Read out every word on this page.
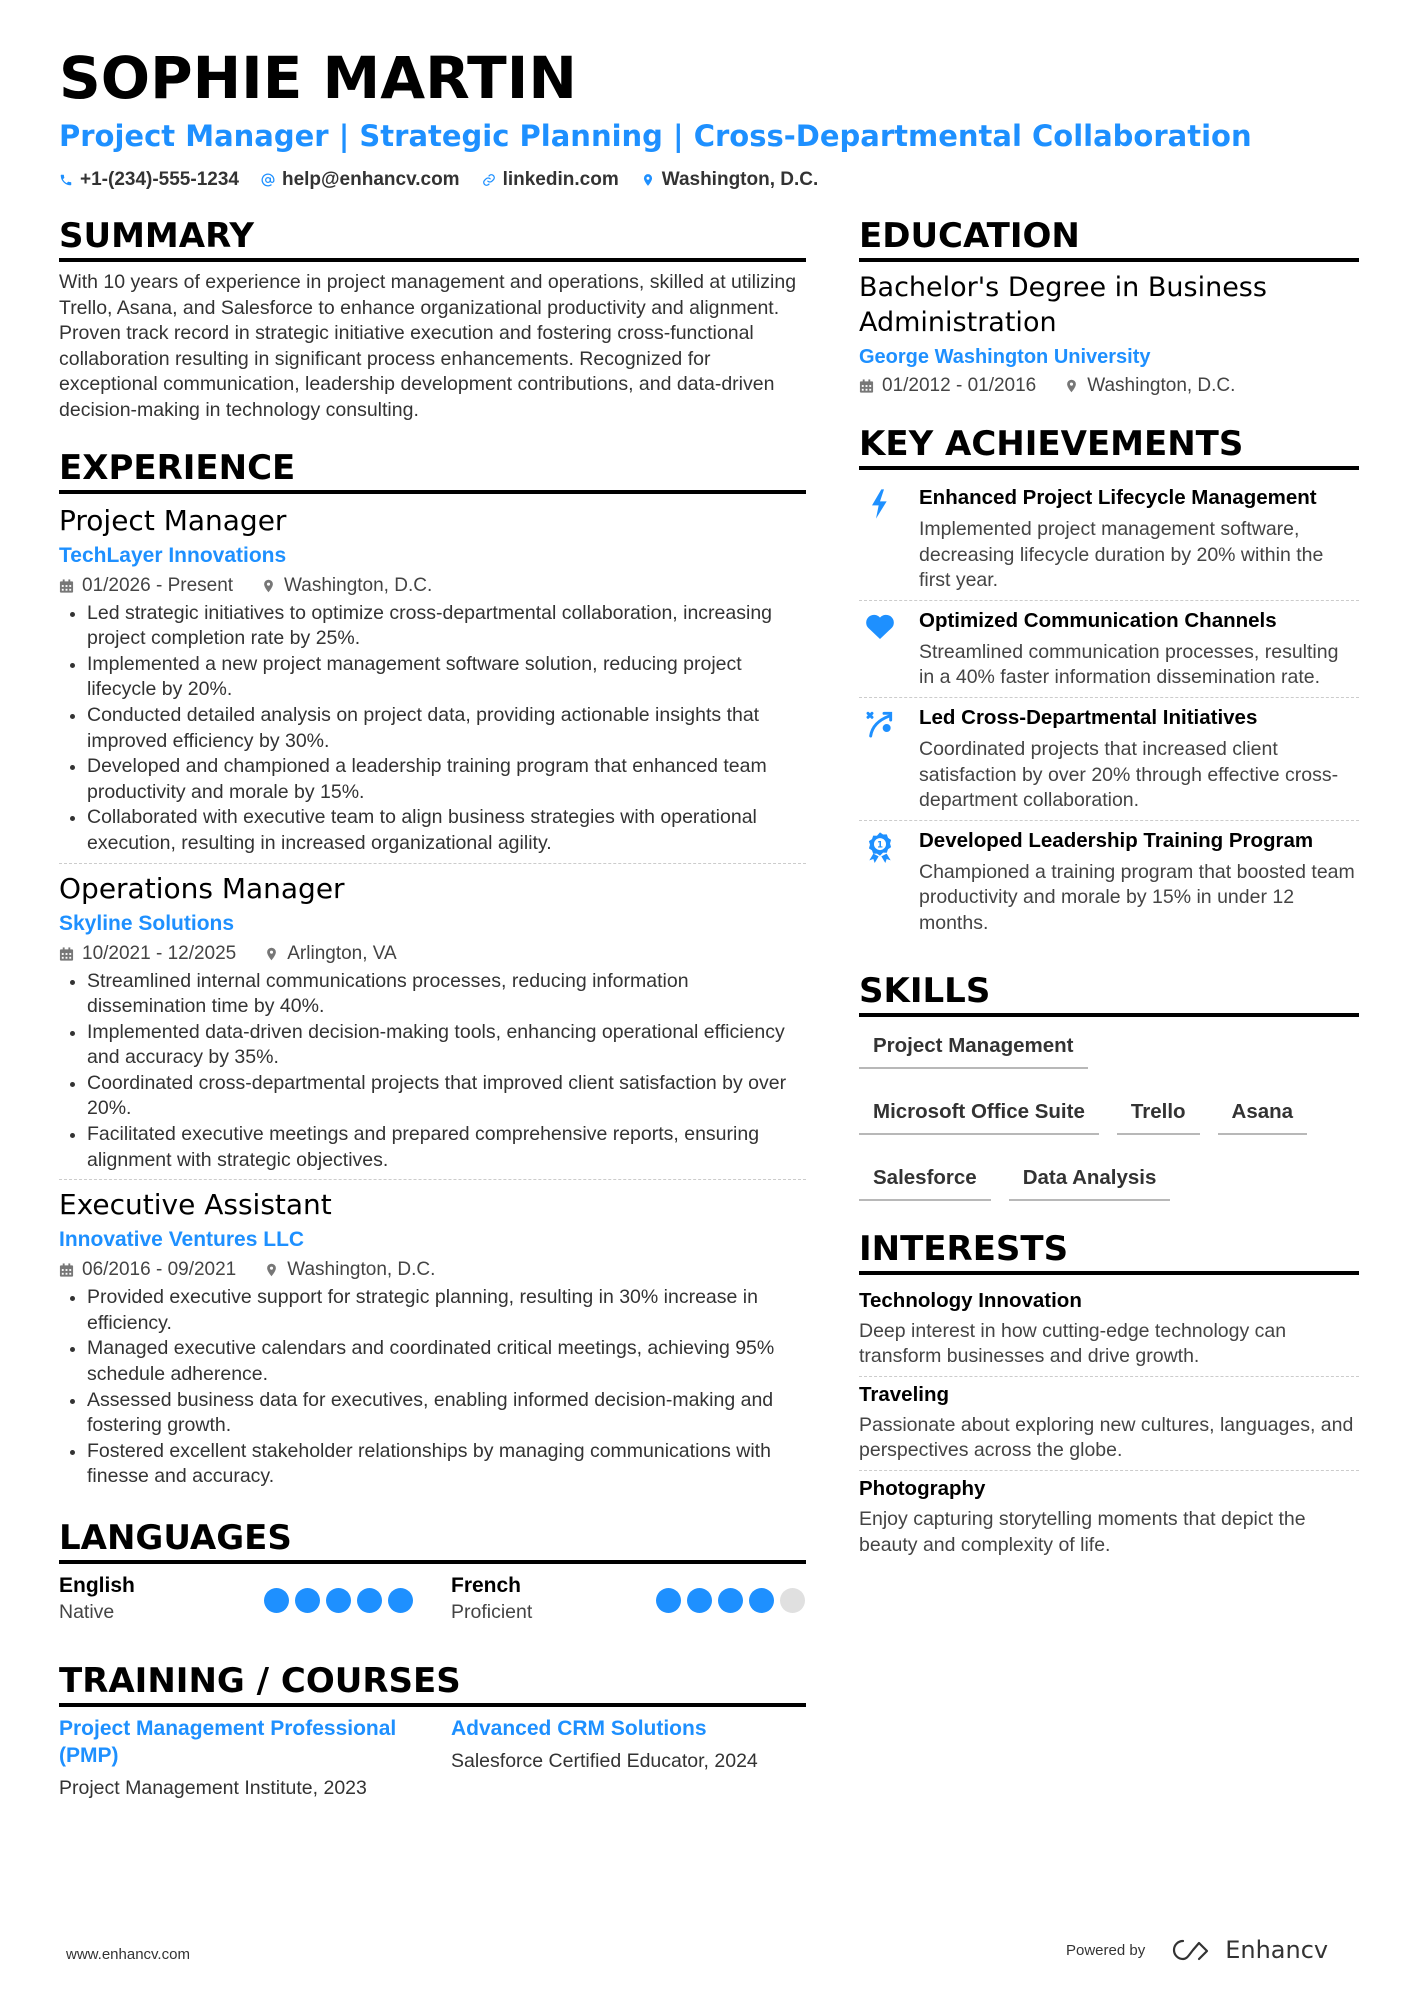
SOPHIE MARTIN
Project Manager | Strategic Planning | Cross-Departmental Collaboration
+1-(234)-555-1234 help@enhancv.com linkedin.com Washington, D.C.
SUMMARY

With 10 years of experience in project management and operations, skilled at utilizing Trello, Asana, and Salesforce to enhance organizational productivity and alignment. Proven track record in strategic initiative execution and fostering cross-functional collaboration resulting in significant process enhancements. Recognized for exceptional communication, leadership development contributions, and data-driven decision-making in technology consulting.

EXPERIENCE
Project Manager
TechLayer Innovations
01/2026 - Present	Washington, D.C.
Led strategic initiatives to optimize cross-departmental collaboration, increasing project completion rate by 25%.
Implemented a new project management software solution, reducing project lifecycle by 20%.
Conducted detailed analysis on project data, providing actionable insights that improved efficiency by 30%.
Developed and championed a leadership training program that enhanced team productivity and morale by 15%.
Collaborated with executive team to align business strategies with operational execution, resulting in increased organizational agility.
Operations Manager
Skyline Solutions
10/2021 - 12/2025	Arlington, VA
Streamlined internal communications processes, reducing information dissemination time by 40%.
Implemented data-driven decision-making tools, enhancing operational efficiency and accuracy by 35%.
Coordinated cross-departmental projects that improved client satisfaction by over 20%.
Facilitated executive meetings and prepared comprehensive reports, ensuring alignment with strategic objectives.
Executive Assistant
Innovative Ventures LLC
06/2016 - 09/2021	Washington, D.C.
Provided executive support for strategic planning, resulting in 30% increase in efficiency.
Managed executive calendars and coordinated critical meetings, achieving 95% schedule adherence.
Assessed business data for executives, enabling informed decision-making and fostering growth.
Fostered excellent stakeholder relationships by managing communications with finesse and accuracy.
LANGUAGES
English
Native
French
Proficient
TRAINING / COURSES
Project Management Professional (PMP)
Project Management Institute, 2023
Advanced CRM Solutions
Salesforce Certified Educator, 2024
EDUCATION
Bachelor's Degree in Business Administration
George Washington University
01/2012 - 01/2016	Washington, D.C.
KEY ACHIEVEMENTS
Enhanced Project Lifecycle Management
Implemented project management software, decreasing lifecycle duration by 20% within the first year.
Optimized Communication Channels
Streamlined communication processes, resulting in a 40% faster information dissemination rate.
Led Cross-Departmental Initiatives
Coordinated projects that increased client satisfaction by over 20% through effective cross-department collaboration.
1 Developed Leadership Training Program
Championed a training program that boosted team productivity and morale by 15% in under 12 months.
SKILLS
Project Management
Microsoft Office Suite	Trello	Asana
Salesforce	Data Analysis
INTERESTS
Technology Innovation
Deep interest in how cutting-edge technology can transform businesses and drive growth.
Traveling
Passionate about exploring new cultures, languages, and perspectives across the globe.
Photography
Enjoy capturing storytelling moments that depict the beauty and complexity of life.
www.enhancv.com	Powered by	Enhancv
